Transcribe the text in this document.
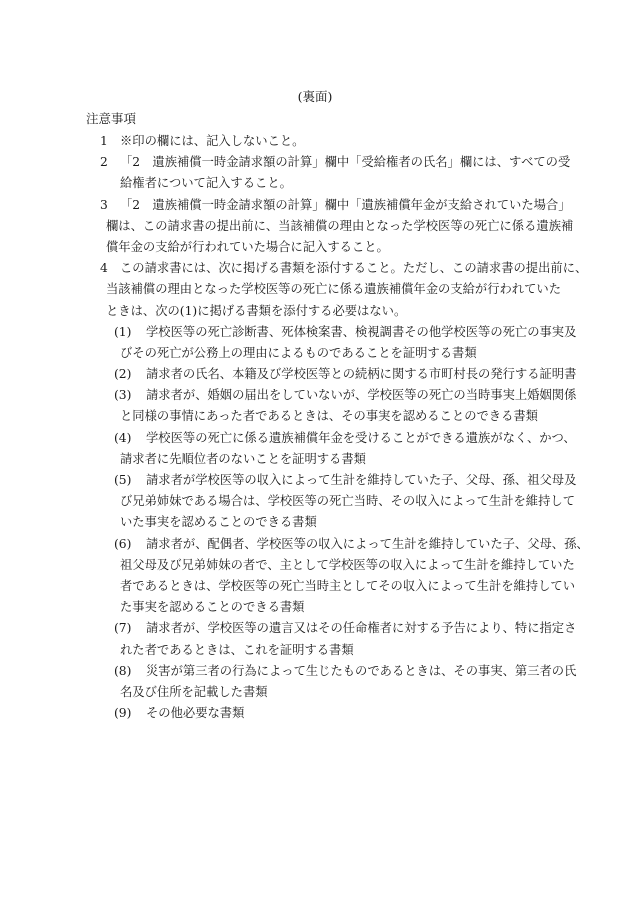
(裏面)
注意事項
1 ※印の欄には、記入しないこと。
2 「2　遺族補償一時金請求額の計算」欄中「受給権者の氏名」欄には、すべての受
給権者について記入すること。
3 「2　遺族補償一時金請求額の計算」欄中「遺族補償年金が支給されていた場合」
欄は、この請求書の提出前に、当該補償の理由となった学校医等の死亡に係る遺族補
償年金の支給が行われていた場合に記入すること。
4 この請求書には、次に掲げる書類を添付すること。ただし、この請求書の提出前に、
当該補償の理由となった学校医等の死亡に係る遺族補償年金の支給が行われていた
ときは、次の(1)に掲げる書類を添付する必要はない。
(1) 学校医等の死亡診断書、死体検案書、検視調書その他学校医等の死亡の事実及
びその死亡が公務上の理由によるものであることを証明する書類
(2) 請求者の氏名、本籍及び学校医等との続柄に関する市町村長の発行する証明書
(3) 請求者が、婚姻の届出をしていないが、学校医等の死亡の当時事実上婚姻関係
と同様の事情にあった者であるときは、その事実を認めることのできる書類
(4) 学校医等の死亡に係る遺族補償年金を受けることができる遺族がなく、かつ、
請求者に先順位者のないことを証明する書類
(5) 請求者が学校医等の収入によって生計を維持していた子、父母、孫、祖父母及
び兄弟姉妹である場合は、学校医等の死亡当時、その収入によって生計を維持して
いた事実を認めることのできる書類
(6) 請求者が、配偶者、学校医等の収入によって生計を維持していた子、父母、孫、
祖父母及び兄弟姉妹の者で、主として学校医等の収入によって生計を維持していた
者であるときは、学校医等の死亡当時主としてその収入によって生計を維持してい
た事実を認めることのできる書類
(7) 請求者が、学校医等の遺言又はその任命権者に対する予告により、特に指定さ
れた者であるときは、これを証明する書類
(8) 災害が第三者の行為によって生じたものであるときは、その事実、第三者の氏
名及び住所を記載した書類
(9) その他必要な書類
